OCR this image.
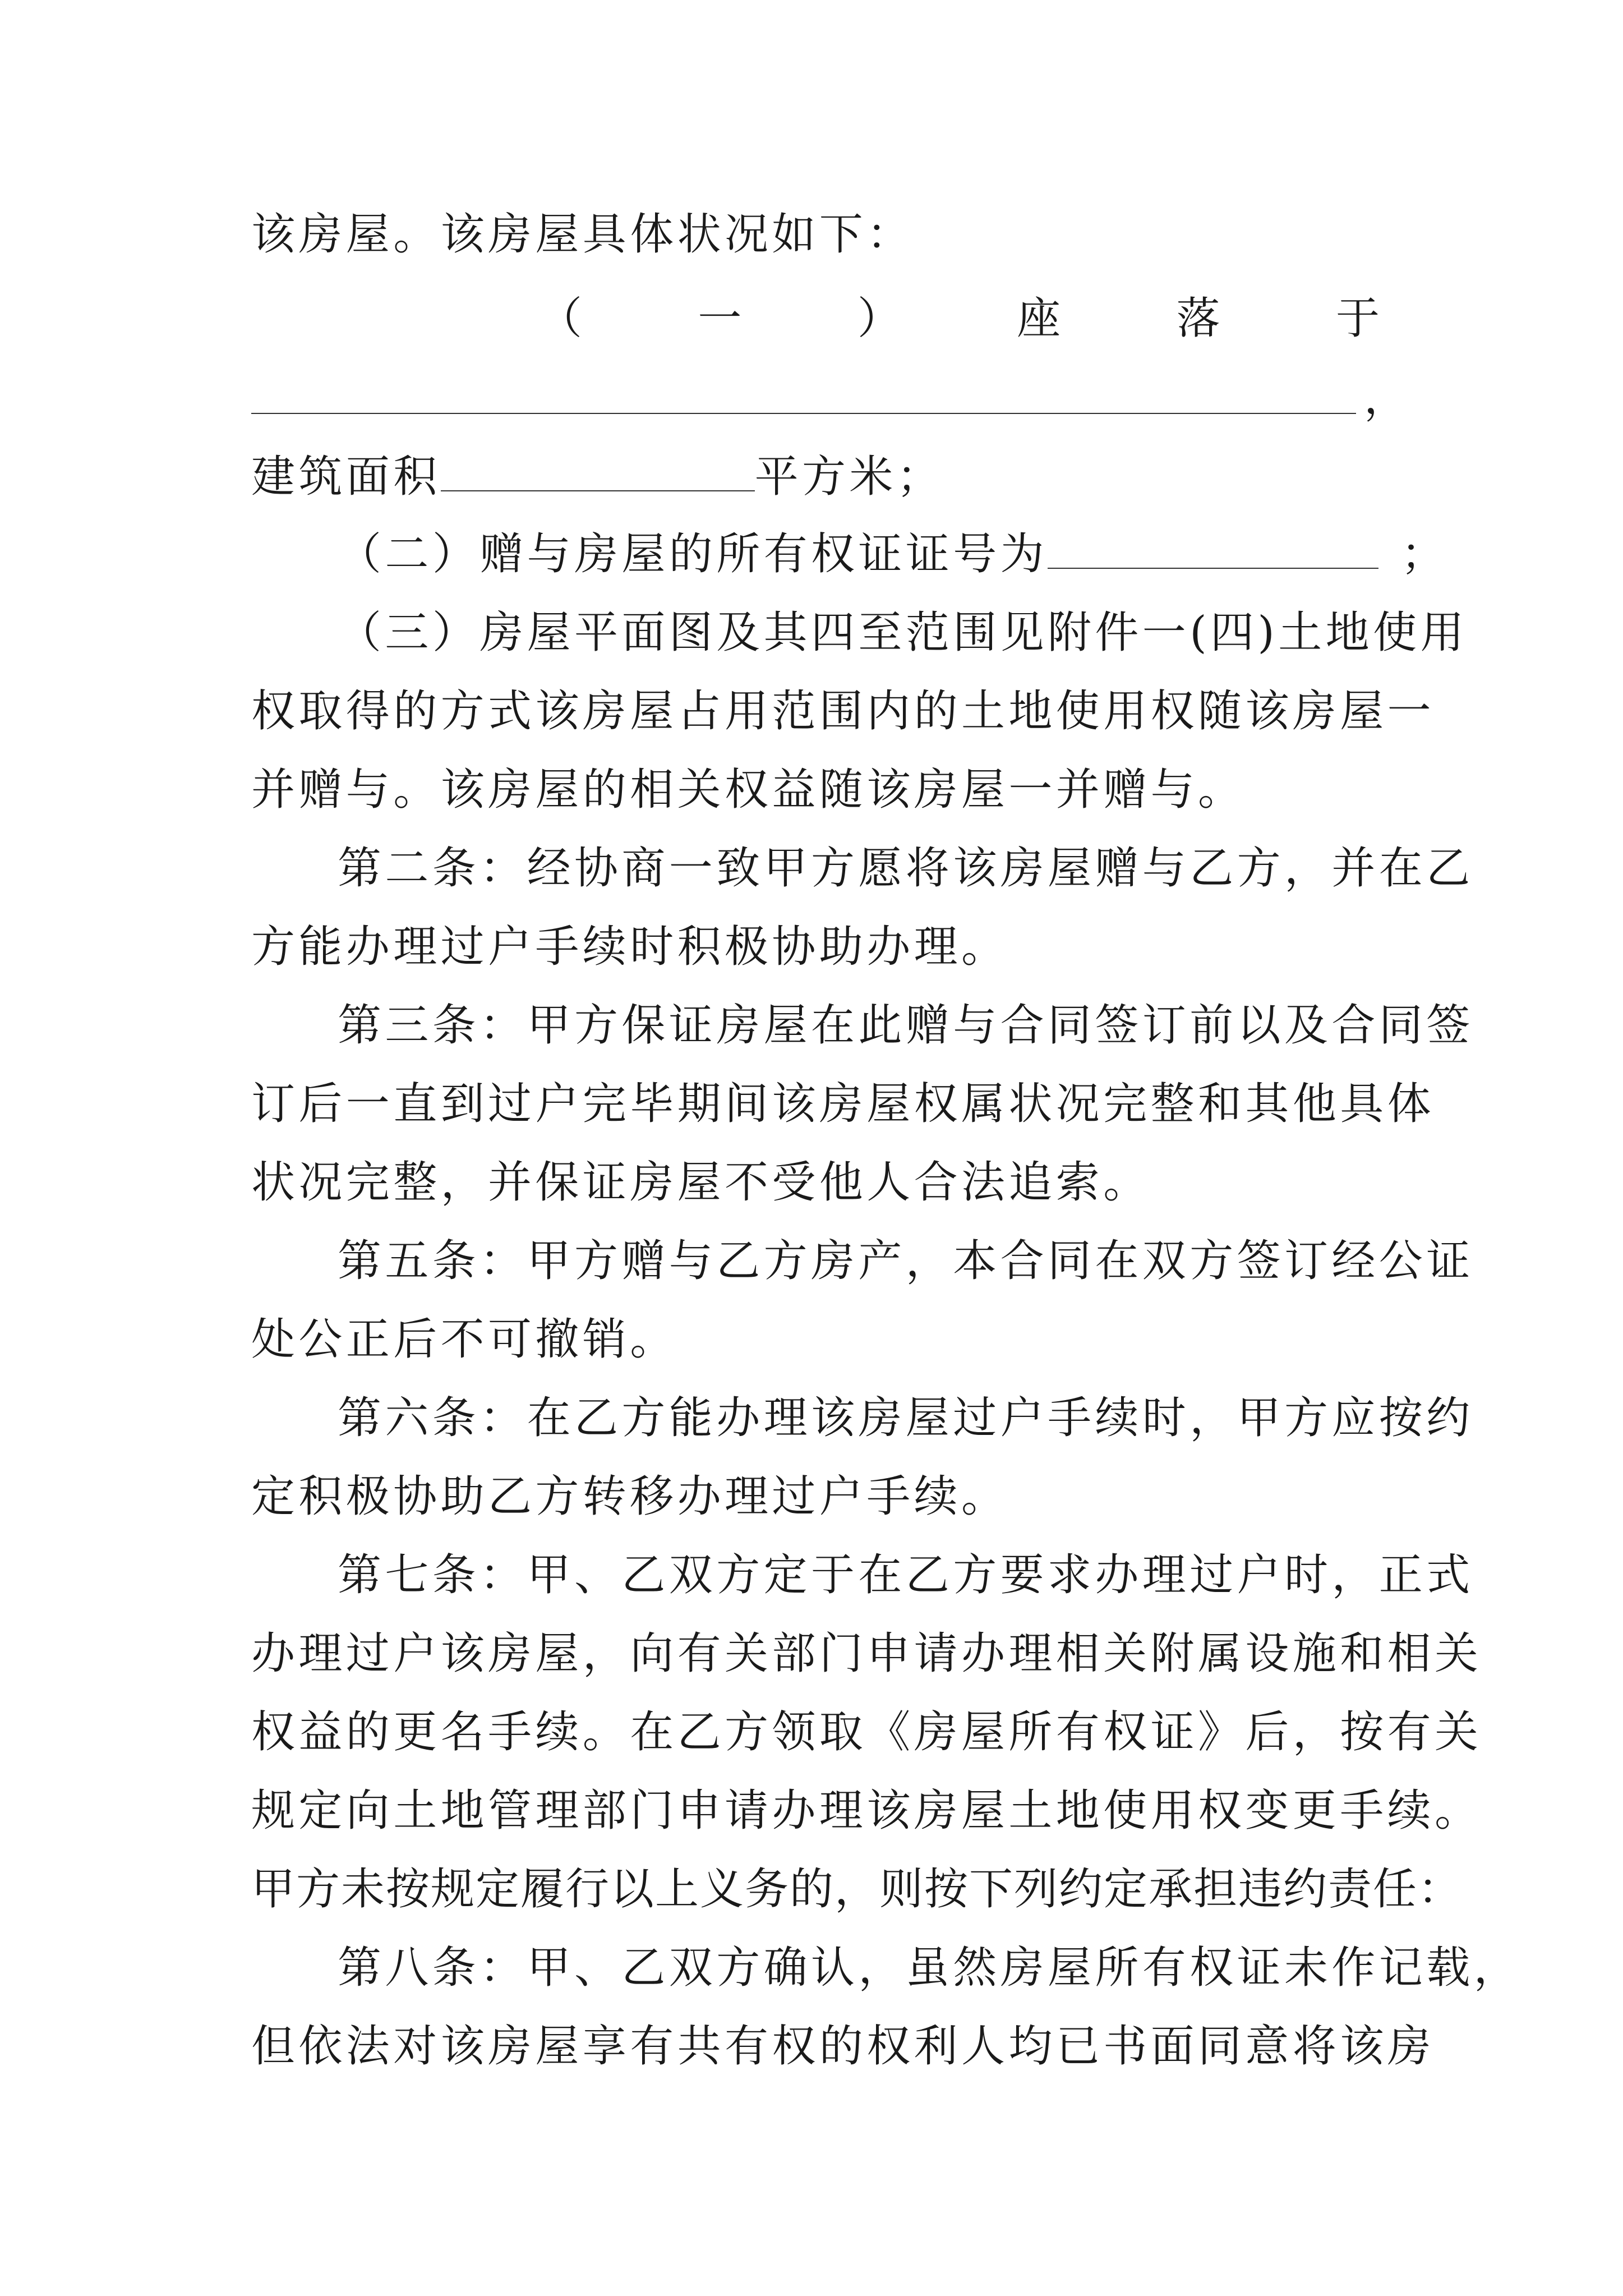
该房屋。该房屋具体状况如下：
（	一	）	座	落	于
，
建筑面积	平方米；
（二）赠与房屋的所有权证证号为	；
（三）房屋平面图及其四至范围见附件一(四)土地使用
权取得的方式该房屋占用范围内的土地使用权随该房屋一
并赠与。该房屋的相关权益随该房屋一并赠与。
第二条：经协商一致甲方愿将该房屋赠与乙方，并在乙
方能办理过户手续时积极协助办理。
第三条：甲方保证房屋在此赠与合同签订前以及合同签
订后一直到过户完毕期间该房屋权属状况完整和其他具体
状况完整，并保证房屋不受他人合法追索。
第五条：甲方赠与乙方房产，本合同在双方签订经公证
处公正后不可撤销。
第六条：在乙方能办理该房屋过户手续时，甲方应按约
定积极协助乙方转移办理过户手续。
第七条：甲、乙双方定于在乙方要求办理过户时，正式
办理过户该房屋，向有关部门申请办理相关附属设施和相关
权益的更名手续。在乙方领取《房屋所有权证》后，按有关
规定向土地管理部门申请办理该房屋土地使用权变更手续。
甲方未按规定履行以上义务的，则按下列约定承担违约责任：
第八条：甲、乙双方确认，虽然房屋所有权证未作记载，
但依法对该房屋享有共有权的权利人均已书面同意将该房
